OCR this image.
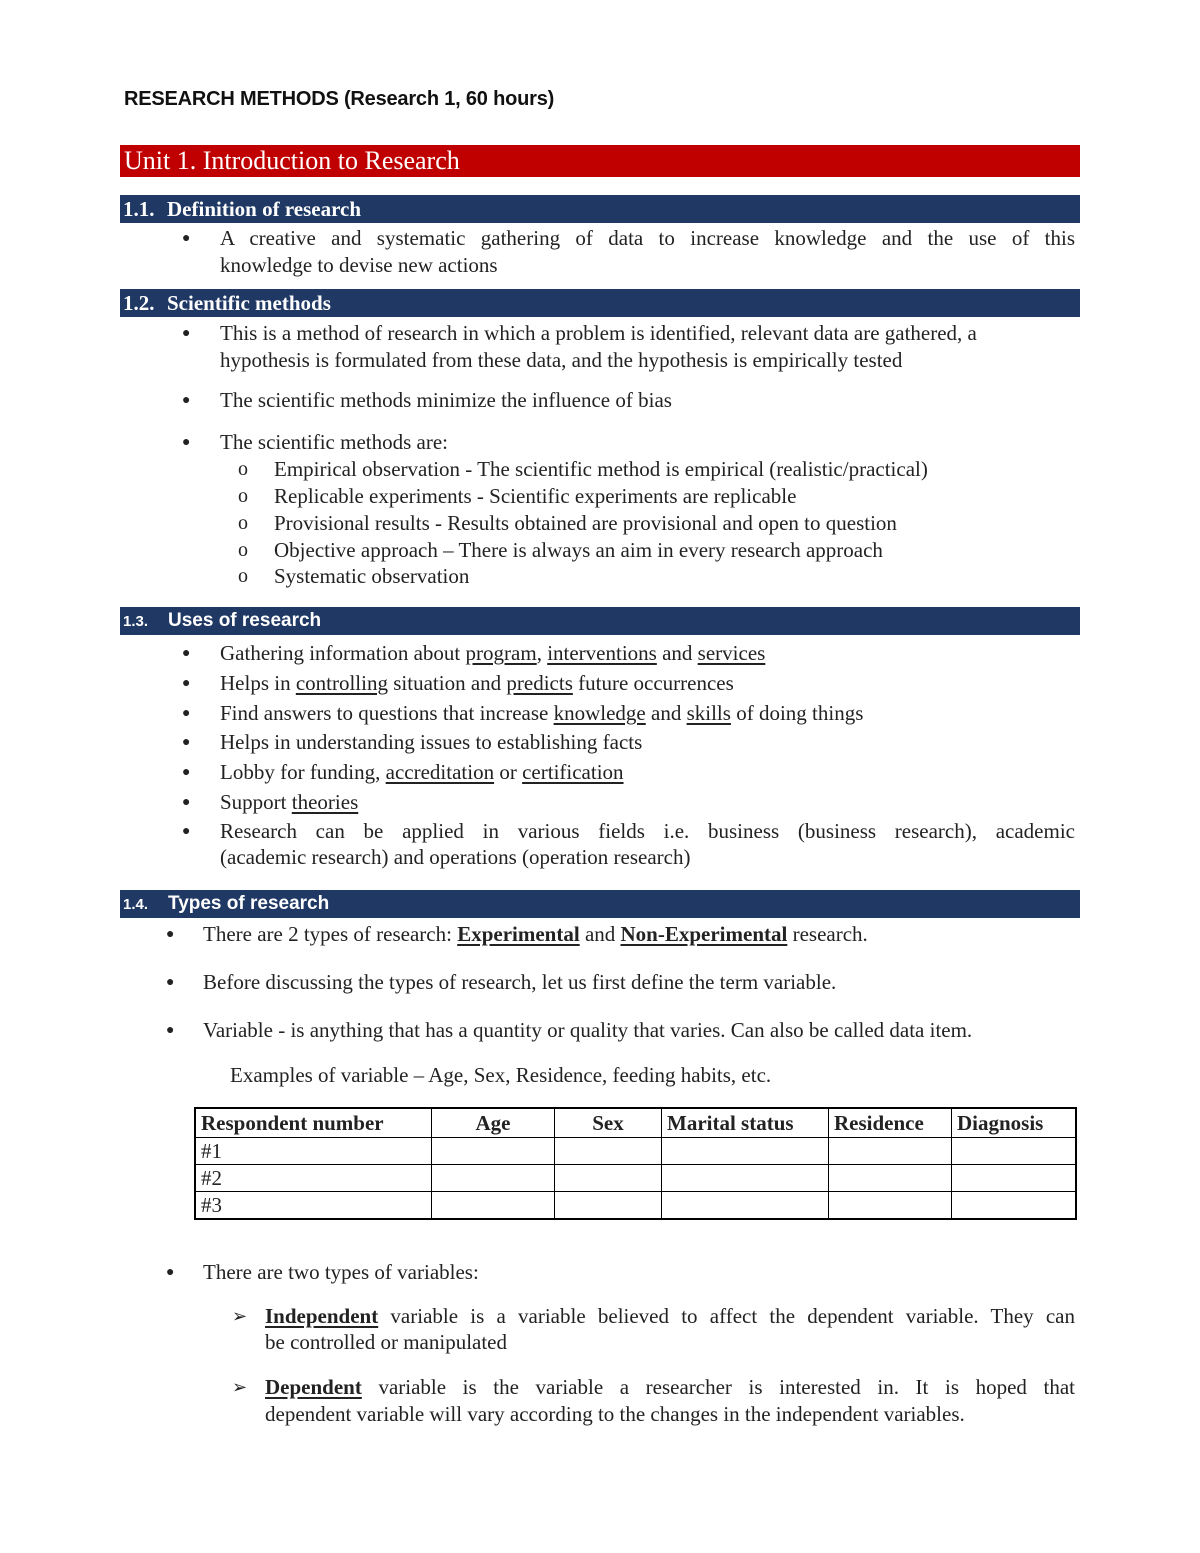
RESEARCH METHODS (Research 1, 60 hours)
Unit 1. Introduction to Research
1.1. Definition of research
● A creative and systematic gathering of data to increase knowledge and the use of this
knowledge to devise new actions
1.2. Scientific methods
● This is a method of research in which a problem is identified, relevant data are gathered, a
hypothesis is formulated from these data, and the hypothesis is empirically tested
● The scientific methods minimize the influence of bias
● The scientific methods are:
o Empirical observation - The scientific method is empirical (realistic/practical)
o Replicable experiments - Scientific experiments are replicable
o Provisional results - Results obtained are provisional and open to question
o Objective approach – There is always an aim in every research approach
o Systematic observation
1.3. Uses of research
● Gathering information about program, interventions and services
● Helps in controlling situation and predicts future occurrences
● Find answers to questions that increase knowledge and skills of doing things
● Helps in understanding issues to establishing facts
● Lobby for funding, accreditation or certification
● Support theories
● Research can be applied in various fields i.e. business (business research), academic
(academic research) and operations (operation research)
1.4. Types of research
● There are 2 types of research: Experimental and Non-Experimental research.
● Before discussing the types of research, let us first define the term variable.
● Variable - is anything that has a quantity or quality that varies. Can also be called data item.
Examples of variable – Age, Sex, Residence, feeding habits, etc.
Respondent number	Age	Sex	Marital status	Residence	Diagnosis
#1					
#2					
#3					
● There are two types of variables:
➢ Independent variable is a variable believed to affect the dependent variable. They can
be controlled or manipulated
➢ Dependent variable is the variable a researcher is interested in. It is hoped that
dependent variable will vary according to the changes in the independent variables.
